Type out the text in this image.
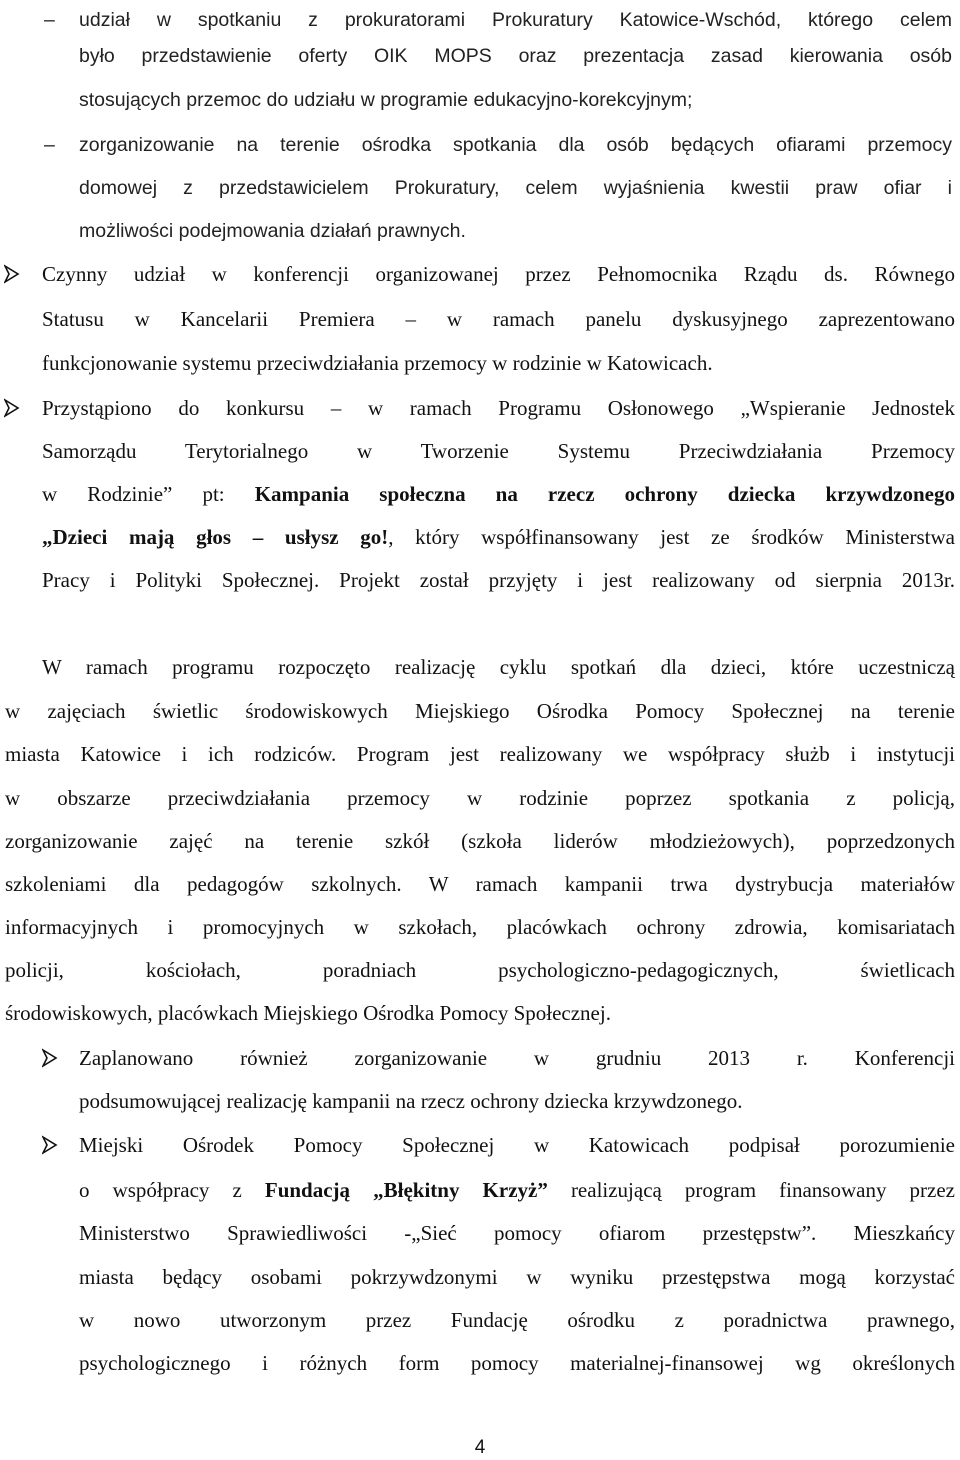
– udział w spotkaniu z prokuratorami Prokuratury Katowice-Wschód, którego celem
było przedstawienie oferty OIK MOPS oraz prezentacja zasad kierowania osób
stosujących przemoc do udziału w programie edukacyjno-korekcyjnym;
– zorganizowanie na terenie ośrodka spotkania dla osób będących ofiarami przemocy
domowej z przedstawicielem Prokuratury, celem wyjaśnienia kwestii praw ofiar i
możliwości podejmowania działań prawnych.
Czynny udział w konferencji organizowanej przez Pełnomocnika Rządu ds. Równego
Statusu w Kancelarii Premiera – w ramach panelu dyskusyjnego zaprezentowano
funkcjonowanie systemu przeciwdziałania przemocy w rodzinie w Katowicach.
Przystąpiono do konkursu – w ramach Programu Osłonowego „Wspieranie Jednostek
Samorządu Terytorialnego w Tworzenie Systemu Przeciwdziałania Przemocy
w Rodzinie” pt: Kampania społeczna na rzecz ochrony dziecka krzywdzonego
„Dzieci mają głos – usłysz go!, który współfinansowany jest ze środków Ministerstwa
Pracy i Polityki Społecznej. Projekt został przyjęty i jest realizowany od sierpnia 2013r.
W ramach programu rozpoczęto realizację cyklu spotkań dla dzieci, które uczestniczą
w zajęciach świetlic środowiskowych Miejskiego Ośrodka Pomocy Społecznej na terenie
miasta Katowice i ich rodziców. Program jest realizowany we współpracy służb i instytucji
w obszarze przeciwdziałania przemocy w rodzinie poprzez spotkania z policją,
zorganizowanie zajęć na terenie szkół (szkoła liderów młodzieżowych), poprzedzonych
szkoleniami dla pedagogów szkolnych. W ramach kampanii trwa dystrybucja materiałów
informacyjnych i promocyjnych w szkołach, placówkach ochrony zdrowia, komisariatach
policji, kościołach, poradniach psychologiczno-pedagogicznych, świetlicach
środowiskowych, placówkach Miejskiego Ośrodka Pomocy Społecznej.
Zaplanowano również zorganizowanie w grudniu 2013 r. Konferencji
podsumowującej realizację kampanii na rzecz ochrony dziecka krzywdzonego.
Miejski Ośrodek Pomocy Społecznej w Katowicach podpisał porozumienie
o współpracy z Fundacją „Błękitny Krzyż” realizującą program finansowany przez
Ministerstwo Sprawiedliwości -„Sieć pomocy ofiarom przestępstw”. Mieszkańcy
miasta będący osobami pokrzywdzonymi w wyniku przestępstwa mogą korzystać
w nowo utworzonym przez Fundację ośrodku z poradnictwa prawnego,
psychologicznego i różnych form pomocy materialnej-finansowej wg określonych
4
